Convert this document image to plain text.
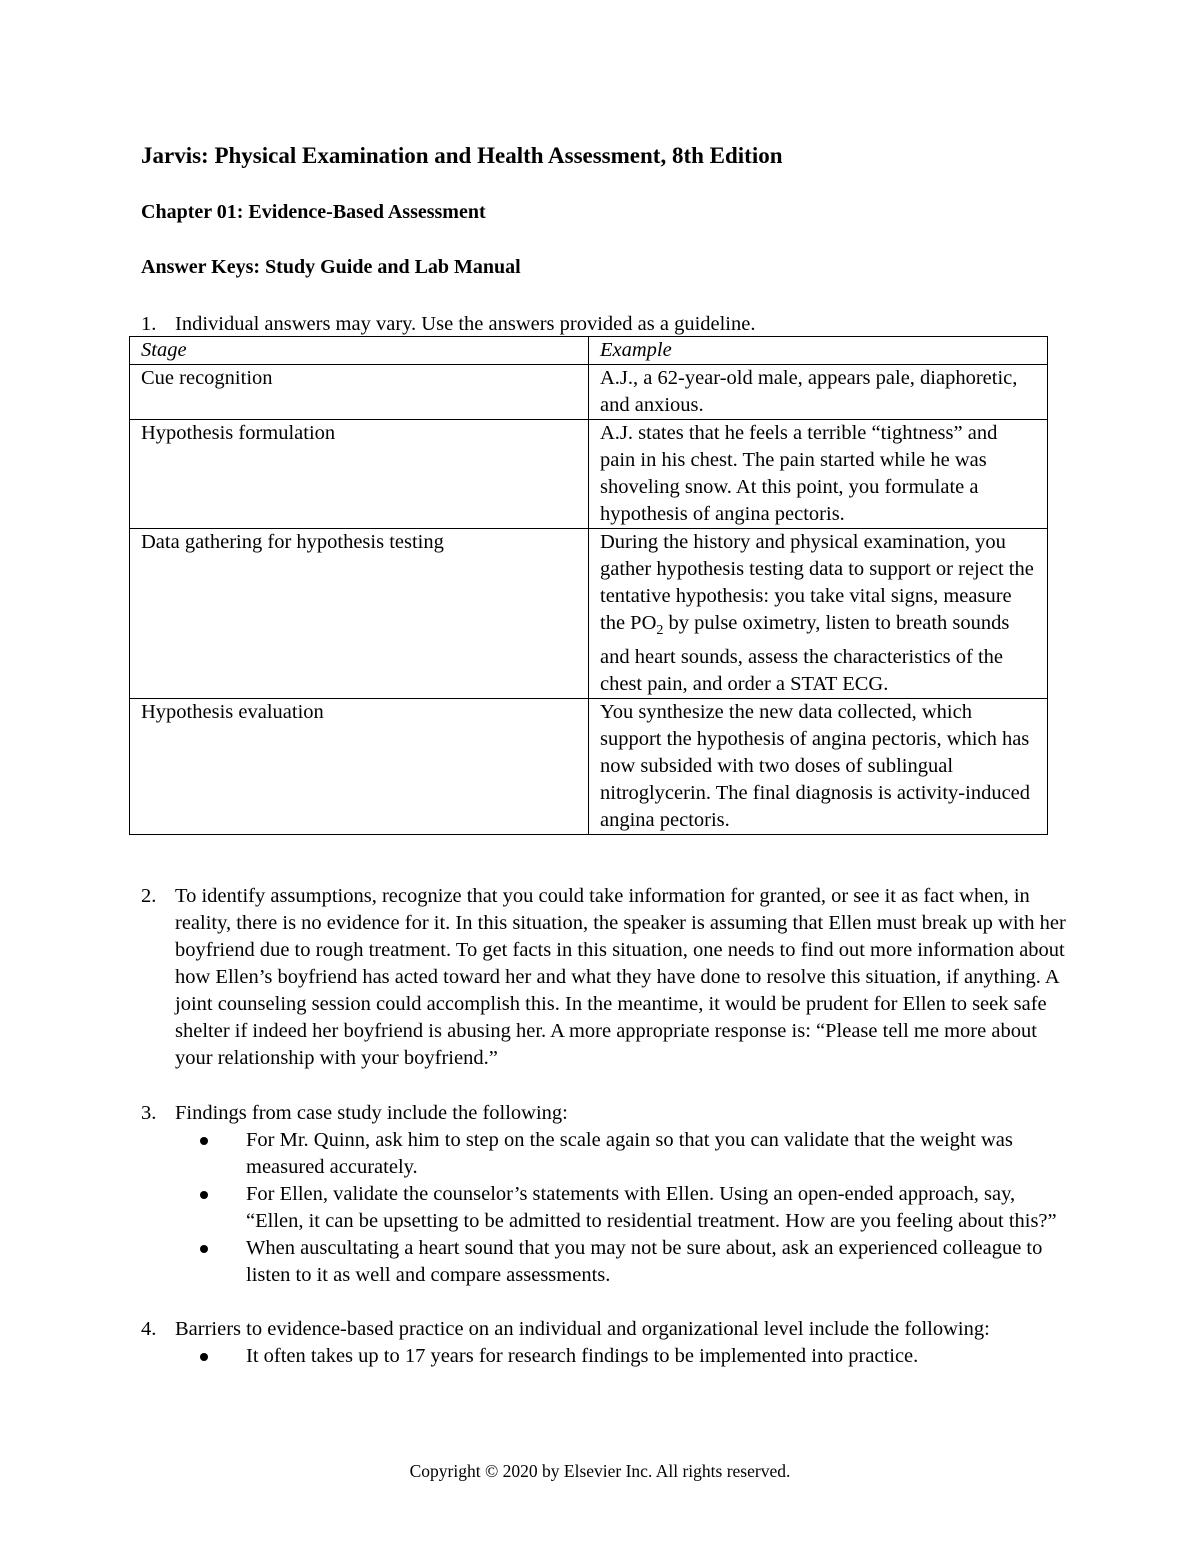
Jarvis: Physical Examination and Health Assessment, 8th Edition
Chapter 01: Evidence-Based Assessment
Answer Keys: Study Guide and Lab Manual
1. Individual answers may vary. Use the answers provided as a guideline.
Stage	Example
Cue recognition	A.J., a 62-year-old male, appears pale, diaphoretic, and anxious.
Hypothesis formulation	A.J. states that he feels a terrible “tightness” and pain in his chest. The pain started while he was shoveling snow. At this point, you formulate a hypothesis of angina pectoris.
Data gathering for hypothesis testing	During the history and physical examination, you gather hypothesis testing data to support or reject the tentative hypothesis: you take vital signs, measure the $PO_2$ by pulse oximetry, listen to breath sounds and heart sounds, assess the characteristics of the chest pain, and order a STAT ECG.
Hypothesis evaluation	You synthesize the new data collected, which support the hypothesis of angina pectoris, which has now subsided with two doses of sublingual nitroglycerin. The final diagnosis is activity-induced angina pectoris.
2. To identify assumptions, recognize that you could take information for granted, or see it as fact when, in reality, there is no evidence for it. In this situation, the speaker is assuming that Ellen must break up with her boyfriend due to rough treatment. To get facts in this situation, one needs to find out more information about how Ellen’s boyfriend has acted toward her and what they have done to resolve this situation, if anything. A joint counseling session could accomplish this. In the meantime, it would be prudent for Ellen to seek safe shelter if indeed her boyfriend is abusing her. A more appropriate response is: “Please tell me more about your relationship with your boyfriend.”
3. Findings from case study include the following:
For Mr. Quinn, ask him to step on the scale again so that you can validate that the weight was measured accurately.
For Ellen, validate the counselor’s statements with Ellen. Using an open-ended approach, say, “Ellen, it can be upsetting to be admitted to residential treatment. How are you feeling about this?”
When auscultating a heart sound that you may not be sure about, ask an experienced colleague to listen to it as well and compare assessments.
4. Barriers to evidence-based practice on an individual and organizational level include the following:
It often takes up to 17 years for research findings to be implemented into practice.
Copyright © 2020 by Elsevier Inc. All rights reserved.
